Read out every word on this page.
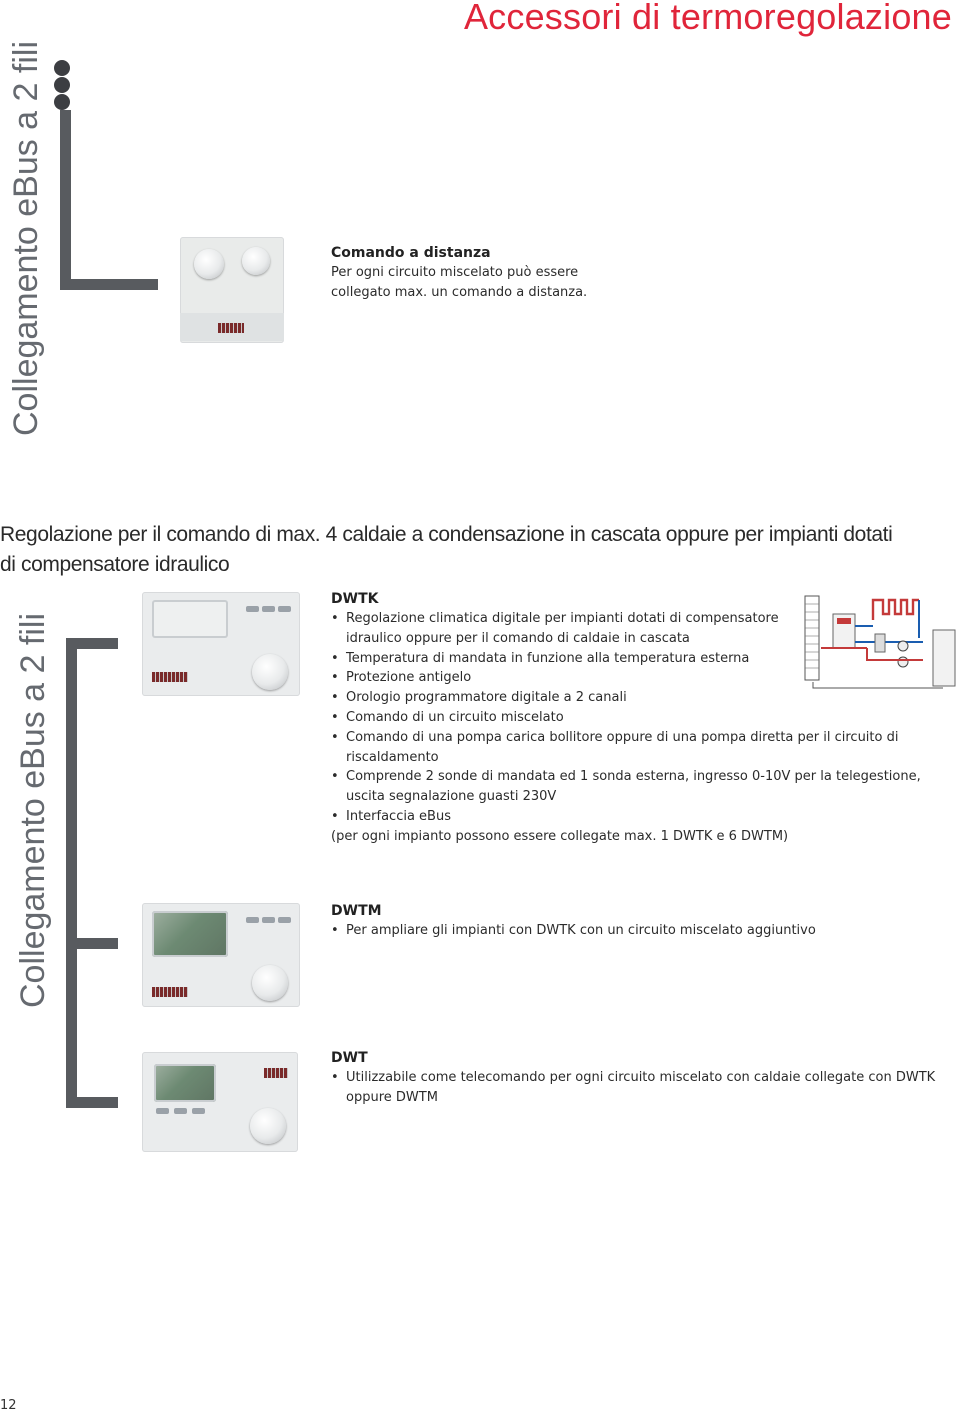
Accessori di termoregolazione
Collegamento eBus a 2 fili	Comando a distanza

Per ogni circuito miscelato può essere

collegato max. un comando a distanza.

Regolazione per il comando di max. 4 caldaie a condensazione in cascata oppure per impianti dotati di compensatore idraulico
Collegamento eBus a 2 fili
DWTK
• Regolazione climatica digitale per impianti dotati di compensatore idraulico oppure per il comando di caldaie in cascata
• Temperatura di mandata in funzione alla temperatura esterna
• Protezione antigelo
• Orologio programmatore digitale a 2 canali
• Comando di un circuito miscelato
• Comando di una pompa carica bollitore oppure di una pompa diretta per il circuito di riscaldamento
• Comprende 2 sonde di mandata ed 1 sonda esterna, ingresso 0-10V per la telegestione, uscita segnalazione guasti 230V
• Interfaccia eBus

(per ogni impianto possono essere collegate max. 1 DWTK e 6 DWTM)

DWTM
• Per ampliare gli impianti con DWTK con un circuito miscelato aggiuntivo
DWT
• Utilizzabile come telecomando per ogni circuito miscelato con caldaie collegate con DWTK oppure DWTM
12
